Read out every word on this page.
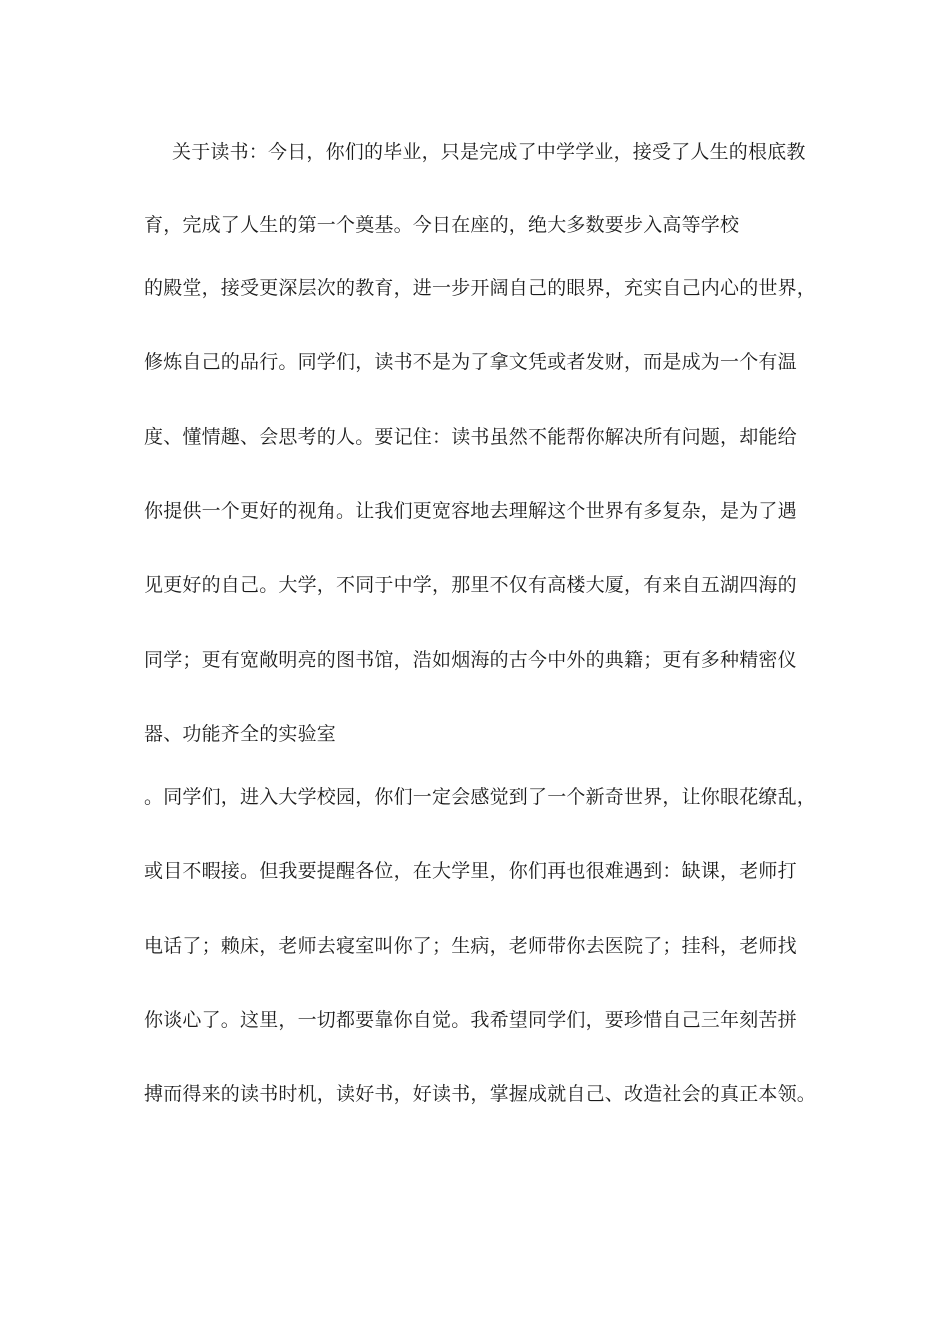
关于读书：今日，你们的毕业，只是完成了中学学业，接受了人生的根底教
育，完成了人生的第一个奠基。今日在座的，绝大多数要步入高等学校
的殿堂，接受更深层次的教育，进一步开阔自己的眼界，充实自己内心的世界，
修炼自己的品行。同学们，读书不是为了拿文凭或者发财，而是成为一个有温
度、懂情趣、会思考的人。要记住：读书虽然不能帮你解决所有问题，却能给
你提供一个更好的视角。让我们更宽容地去理解这个世界有多复杂，是为了遇
见更好的自己。大学，不同于中学，那里不仅有高楼大厦，有来自五湖四海的
同学；更有宽敞明亮的图书馆，浩如烟海的古今中外的典籍；更有多种精密仪
器、功能齐全的实验室
。同学们，进入大学校园，你们一定会感觉到了一个新奇世界，让你眼花缭乱，
或目不暇接。但我要提醒各位，在大学里，你们再也很难遇到：缺课，老师打
电话了；赖床，老师去寝室叫你了；生病，老师带你去医院了；挂科，老师找
你谈心了。这里，一切都要靠你自觉。我希望同学们，要珍惜自己三年刻苦拼
搏而得来的读书时机，读好书，好读书，掌握成就自己、改造社会的真正本领。
